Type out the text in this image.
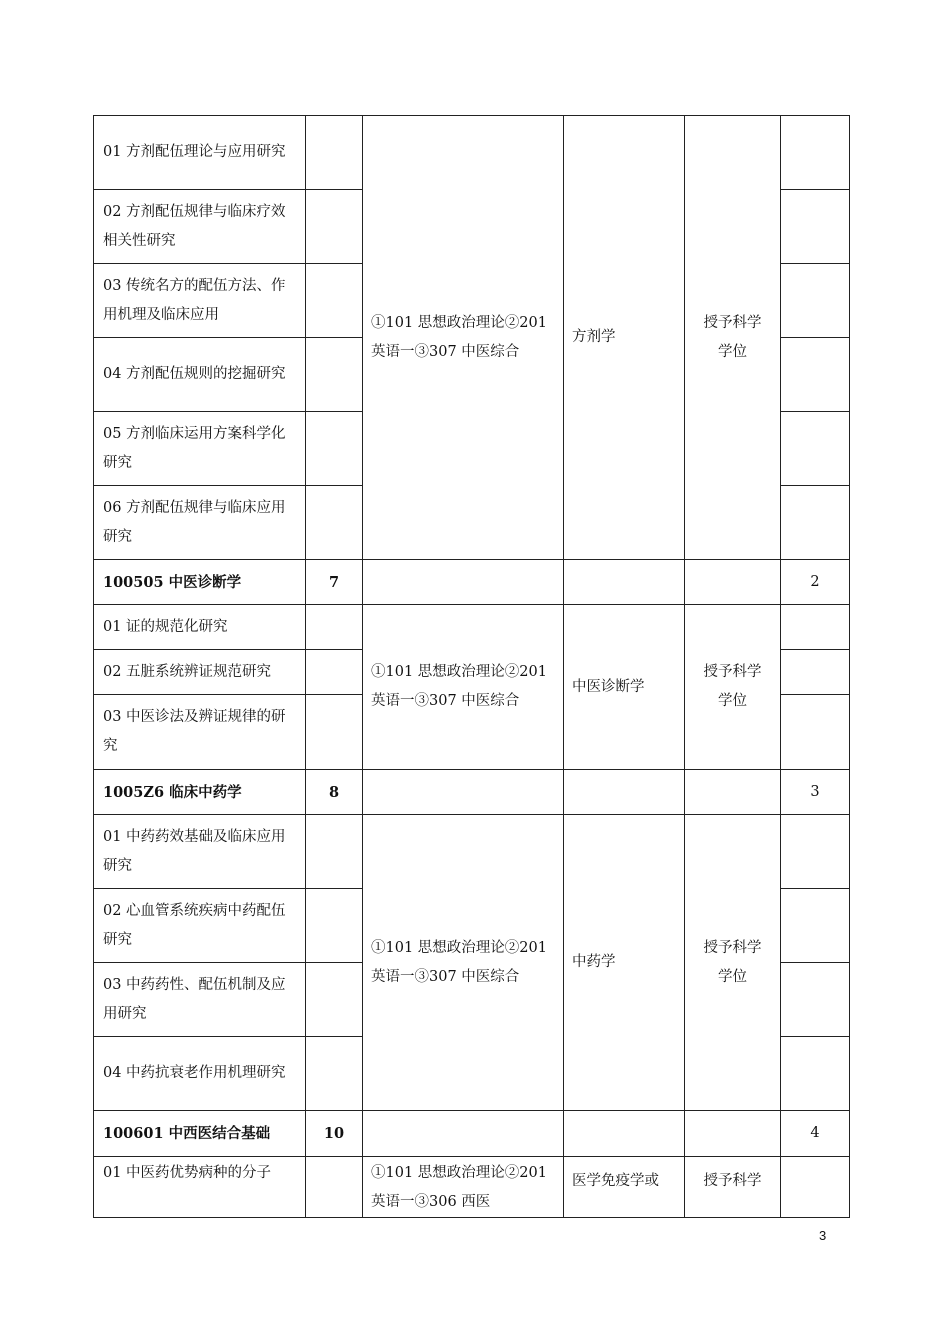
01 方剂配伍理论与应用研究		①101 思想政治理论②201 英语一③307 中医综合	方剂学	授予科学学位	
02 方剂配伍规律与临床疗效相关性研究					
03 传统名方的配伍方法、作用机理及临床应用					
04 方剂配伍规则的挖掘研究					
05 方剂临床运用方案科学化研究					
06 方剂配伍规律与临床应用研究					
100505 中医诊断学	7				2
01 证的规范化研究		①101 思想政治理论②201 英语一③307 中医综合	中医诊断学	授予科学学位	
02 五脏系统辨证规范研究					
03 中医诊法及辨证规律的研究					
1005Z6 临床中药学	8				3
01 中药药效基础及临床应用研究		①101 思想政治理论②201 英语一③307 中医综合	中药学	授予科学学位	
02 心血管系统疾病中药配伍研究					
03 中药药性、配伍机制及应用研究					
04 中药抗衰老作用机理研究					
100601 中西医结合基础	10				4
01 中医药优势病种的分子		①101 思想政治理论②201 英语一③306 西医	医学免疫学或	授予科学	
3
